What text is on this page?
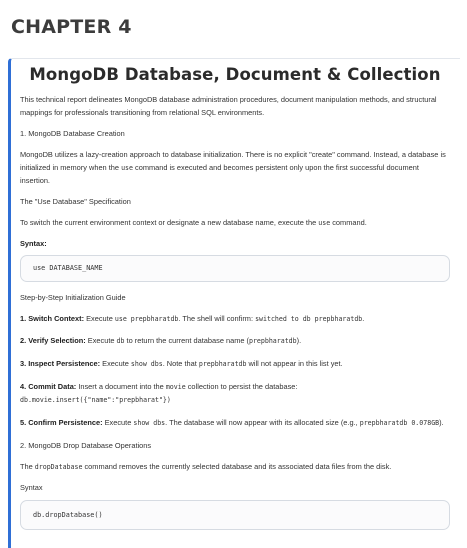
CHAPTER 4
MongoDB Database, Document & Collection

This technical report delineates MongoDB database administration procedures, document manipulation methods, and structural mappings for professionals transitioning from relational SQL environments.

1. MongoDB Database Creation

MongoDB utilizes a lazy-creation approach to database initialization. There is no explicit "create" command. Instead, a database is initialized in memory when the use command is executed and becomes persistent only upon the first successful document insertion.

The "Use Database" Specification

To switch the current environment context or designate a new database name, execute the use command.

Syntax:

use DATABASE_NAME

Step-by-Step Initialization Guide

1. Switch Context: Execute use prepbharatdb. The shell will confirm: switched to db prepbharatdb.

2. Verify Selection: Execute db to return the current database name (prepbharatdb).

3. Inspect Persistence: Execute show dbs. Note that prepbharatdb will not appear in this list yet.

4. Commit Data: Insert a document into the movie collection to persist the database: db.movie.insert({"name":"prepbharat"})

5. Confirm Persistence: Execute show dbs. The database will now appear with its allocated size (e.g., prepbharatdb 0.078GB).

2. MongoDB Drop Database Operations

The dropDatabase command removes the currently selected database and its associated data files from the disk.

Syntax

db.dropDatabase()
